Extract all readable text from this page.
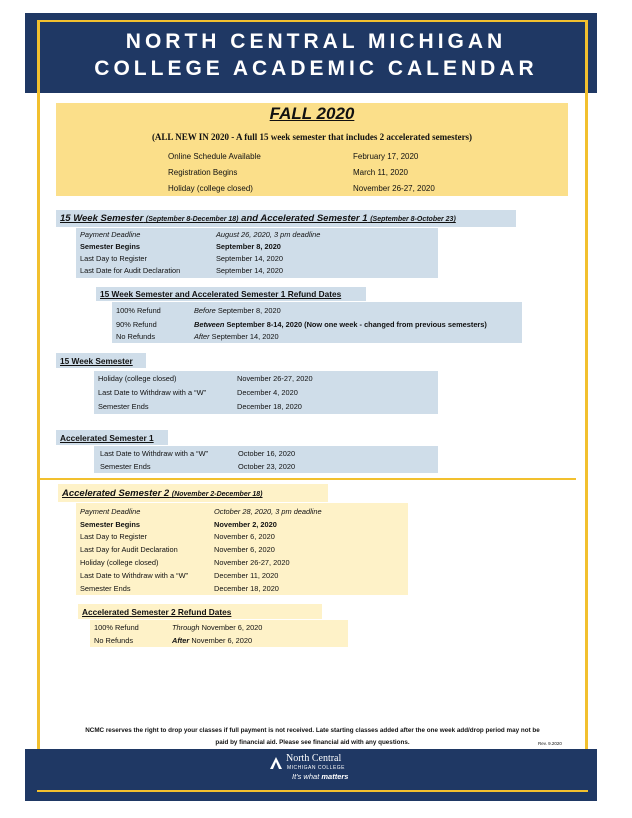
NORTH CENTRAL MICHIGAN
COLLEGE ACADEMIC CALENDAR
FALL 2020
(ALL NEW IN 2020 - A full 15 week semester that includes 2 accelerated semesters)
Online Schedule Available	February 17, 2020
Registration Begins	March 11, 2020
Holiday (college closed)	November 26-27, 2020
15 Week Semester (September 8-December 18) and Accelerated Semester 1 (September 8-October 23)
Payment Deadline	August 26, 2020, 3 pm deadline
Semester Begins	September 8, 2020
Last Day to Register	September 14, 2020
Last Date for Audit Declaration	September 14, 2020
15 Week Semester and Accelerated Semester 1 Refund Dates
100% Refund	Before September 8, 2020
90% Refund	Between September 8-14, 2020 (Now one week - changed from previous semesters)
No Refunds	After September 14, 2020
15 Week Semester
Holiday (college closed)	November 26-27, 2020
Last Date to Withdraw with a “W”	December 4, 2020
Semester Ends	December 18, 2020
Accelerated Semester 1
Last Date to Withdraw with a “W”	October 16, 2020
Semester Ends	October 23, 2020
Accelerated Semester 2 (November 2-December 18)
Payment Deadline	October 28, 2020, 3 pm deadline
Semester Begins	November 2, 2020
Last Day to Register	November 6, 2020
Last Day for Audit Declaration	November 6, 2020
Holiday (college closed)	November 26-27, 2020
Last Date to Withdraw with a “W”	December 11, 2020
Semester Ends	December 18, 2020
Accelerated Semester 2 Refund Dates
100% Refund	Through November 6, 2020
No Refunds	After November 6, 2020
NCMC reserves the right to drop your classes if full payment is not received. Late starting classes added after the one week add/drop period may not be
paid by financial aid. Please see financial aid with any questions.	Rev. 9.2020
North Central
MICHIGAN COLLEGE
It's what matters
